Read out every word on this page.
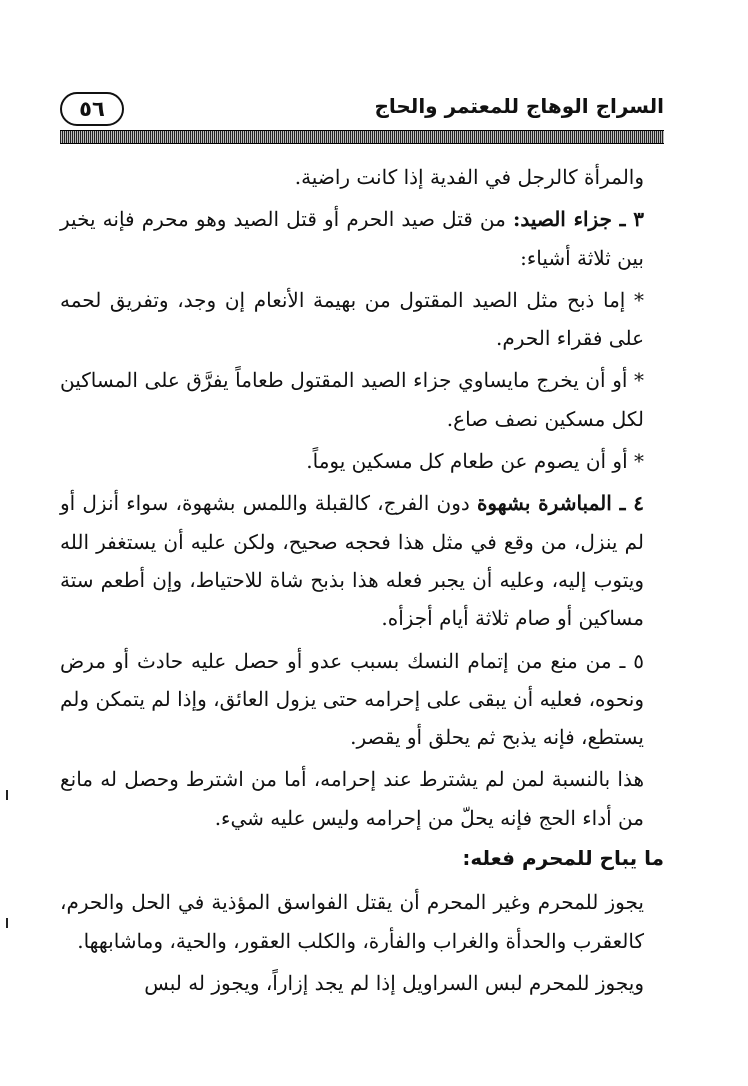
٥٦	السراج الوهاج للمعتمر والحاج

والمرأة كالرجل في الفدية إذا كانت راضية.

٣ ـ جزاء الصيد: من قتل صيد الحرم أو قتل الصيد وهو محرم فإنه يخير بين ثلاثة أشياء:

* إما ذبح مثل الصيد المقتول من بهيمة الأنعام إن وجد، وتفريق لحمه على فقراء الحرم.

* أو أن يخرج مايساوي جزاء الصيد المقتول طعاماً يفرَّق على المساكين لكل مسكين نصف صاع.

* أو أن يصوم عن طعام كل مسكين يوماً.

٤ ـ المباشرة بشهوة دون الفرج، كالقبلة واللمس بشهوة، سواء أنزل أو لم ينزل، من وقع في مثل هذا فحجه صحيح، ولكن عليه أن يستغفر الله ويتوب إليه، وعليه أن يجبر فعله هذا بذبح شاة للاحتياط، وإن أطعم ستة مساكين أو صام ثلاثة أيام أجزأه.

٥ ـ من منع من إتمام النسك بسبب عدو أو حصل عليه حادث أو مرض ونحوه، فعليه أن يبقى على إحرامه حتى يزول العائق، وإذا لم يتمكن ولم يستطع، فإنه يذبح ثم يحلق أو يقصر.

هذا بالنسبة لمن لم يشترط عند إحرامه، أما من اشترط وحصل له مانع من أداء الحج فإنه يحلّ من إحرامه وليس عليه شيء.

ما يباح للمحرم فعله:

يجوز للمحرم وغير المحرم أن يقتل الفواسق المؤذية في الحل والحرم، كالعقرب والحدأة والغراب والفأرة، والكلب العقور، والحية، وماشابهها.

ويجوز للمحرم لبس السراويل إذا لم يجد إزاراً، ويجوز له لبس
